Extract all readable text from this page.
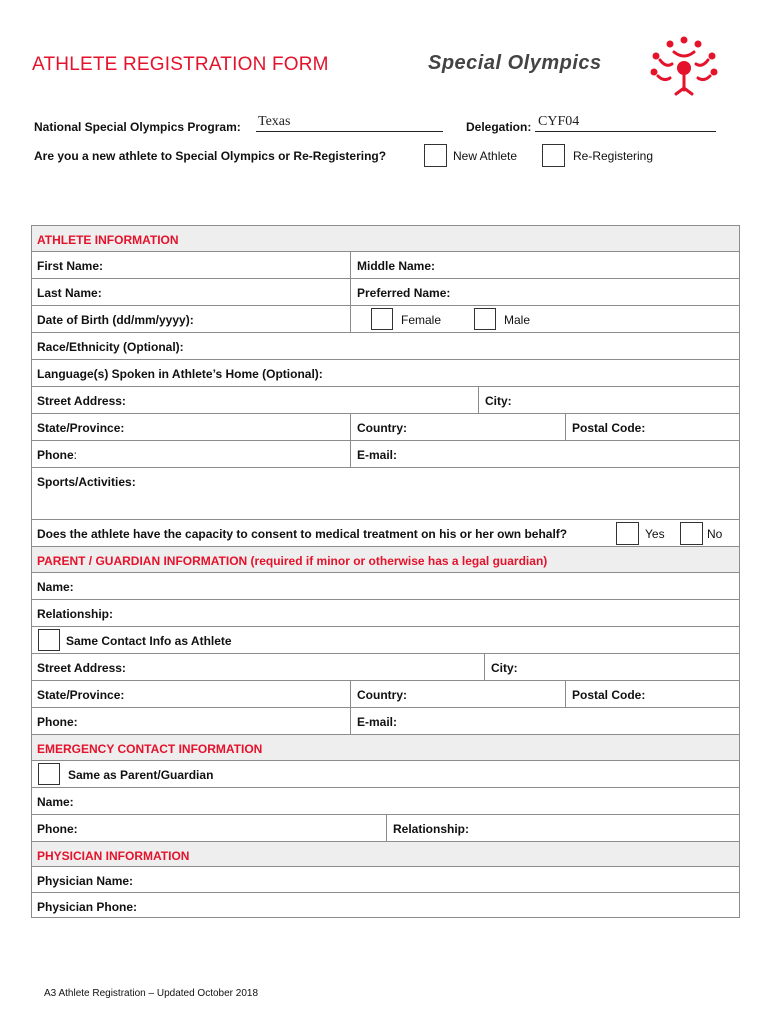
ATHLETE REGISTRATION FORM	Special Olympics
National Special Olympics Program: Texas	Delegation: CYF04
Are you a new athlete to Special Olympics or Re-Registering?	New Athlete	Re-Registering
ATHLETE INFORMATION
First Name:	Middle Name:
Last Name:	Preferred Name:
Date of Birth (dd/mm/yyyy):	Female	Male
Race/Ethnicity (Optional):
Language(s) Spoken in Athlete’s Home (Optional):
Street Address:	City:
State/Province:	Country:	Postal Code:
Phone:	E-mail:
Sports/Activities:
Does the athlete have the capacity to consent to medical treatment on his or her own behalf?	Yes	No
PARENT / GUARDIAN INFORMATION (required if minor or otherwise has a legal guardian)
Name:
Relationship:
Same Contact Info as Athlete
Street Address:	City:
State/Province:	Country:	Postal Code:
Phone:	E-mail:
EMERGENCY CONTACT INFORMATION
Same as Parent/Guardian
Name:
Phone:	Relationship:
PHYSICIAN INFORMATION
Physician Name:
Physician Phone:
A3 Athlete Registration – Updated October 2018
